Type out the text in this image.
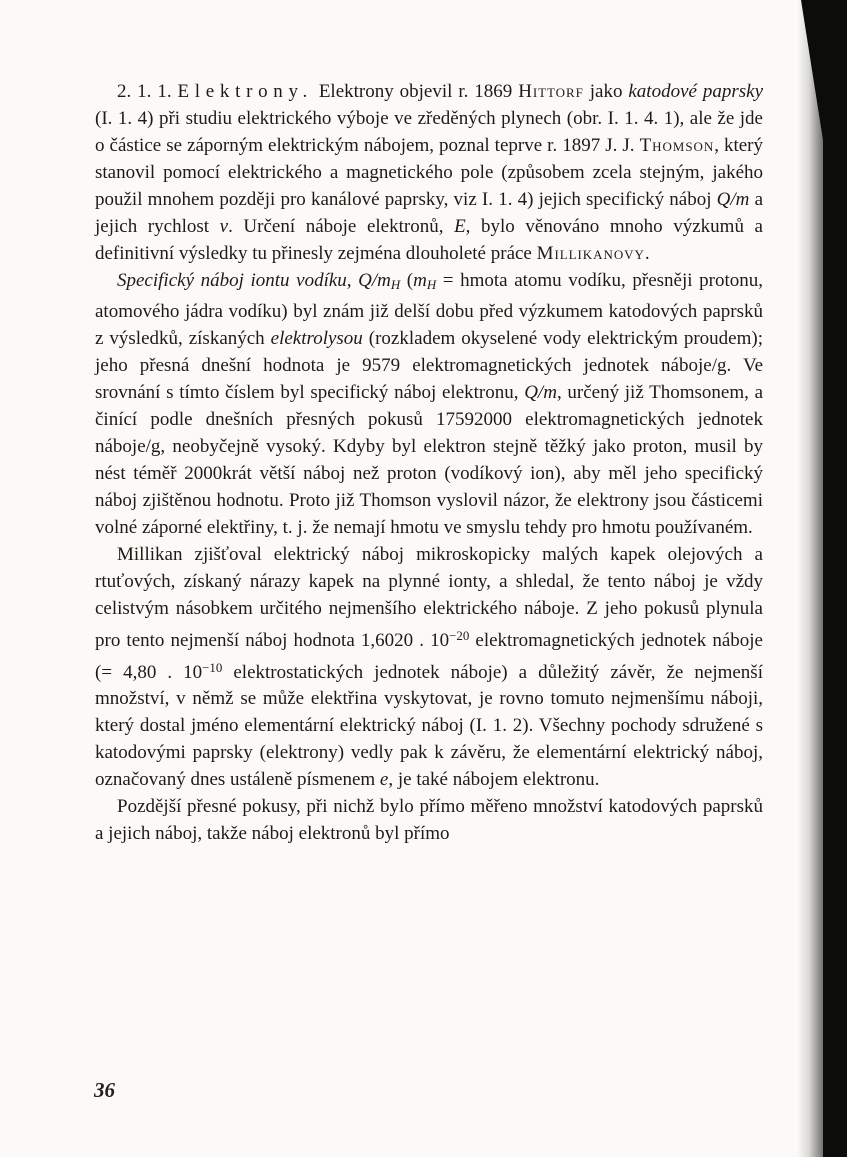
2. 1. 1. Elektrony. Elektrony objevil r. 1869 Hittorf jako katodové paprsky (I. 1. 4) při studiu elektrického výboje ve zředěných plynech (obr. I. 1. 4. 1), ale že jde o částice se záporným elektrickým nábojem, poznal teprve r. 1897 J. J. Thomson, který stanovil pomocí elektrického a magnetického pole (způsobem zcela stejným, jakého použil mnohem později pro kanálové paprsky, viz I. 1. 4) jejich specifický náboj Q/m a jejich rychlost v. Určení náboje elektronů, E, bylo věnováno mnoho výzkumů a definitivní výsledky tu přinesly zejména dlouholeté práce Millikanovy.

Specifický náboj iontu vodíku, $Q/m_H$ ($m_H$ = hmota atomu vodíku, přesněji protonu, atomového jádra vodíku) byl znám již delší dobu před výzkumem katodových paprsků z výsledků, získaných elektrolysou (rozkladem okyselené vody elektrickým proudem); jeho přesná dnešní hodnota je 9579 elektromagnetických jednotek náboje/g. Ve srovnání s tímto číslem byl specifický náboj elektronu, Q/m, určený již Thomsonem, a činící podle dnešních přesných pokusů 17592000 elektromagnetických jednotek náboje/g, neobyčejně vysoký. Kdyby byl elektron stejně těžký jako proton, musil by nést téměř 2000krát větší náboj než proton (vodíkový ion), aby měl jeho specifický náboj zjištěnou hodnotu. Proto již Thomson vyslovil názor, že elektrony jsou částicemi volné záporné elektřiny, t. j. že nemají hmotu ve smyslu tehdy pro hmotu používaném.

Millikan zjišťoval elektrický náboj mikroskopicky malých kapek olejových a rtuťových, získaný nárazy kapek na plynné ionty, a shledal, že tento náboj je vždy celistvým násobkem určitého nejmenšího elektrického náboje. Z jeho pokusů plynula pro tento nejmenší náboj hodnota 1,6020 . $10^{-20}$ elektromagnetických jednotek náboje (= 4,80 . $10^{-10}$ elektrostatických jednotek náboje) a důležitý závěr, že nejmenší množství, v němž se může elektřina vyskytovat, je rovno tomuto nejmenšímu náboji, který dostal jméno elementární elektrický náboj (I. 1. 2). Všechny pochody sdružené s katodovými paprsky (elektrony) vedly pak k závěru, že elementární elektrický náboj, označovaný dnes ustáleně písmenem e, je také nábojem elektronu.

Pozdější přesné pokusy, při nichž bylo přímo měřeno množství katodových paprsků a jejich náboj, takže náboj elektronů byl přímo

36
